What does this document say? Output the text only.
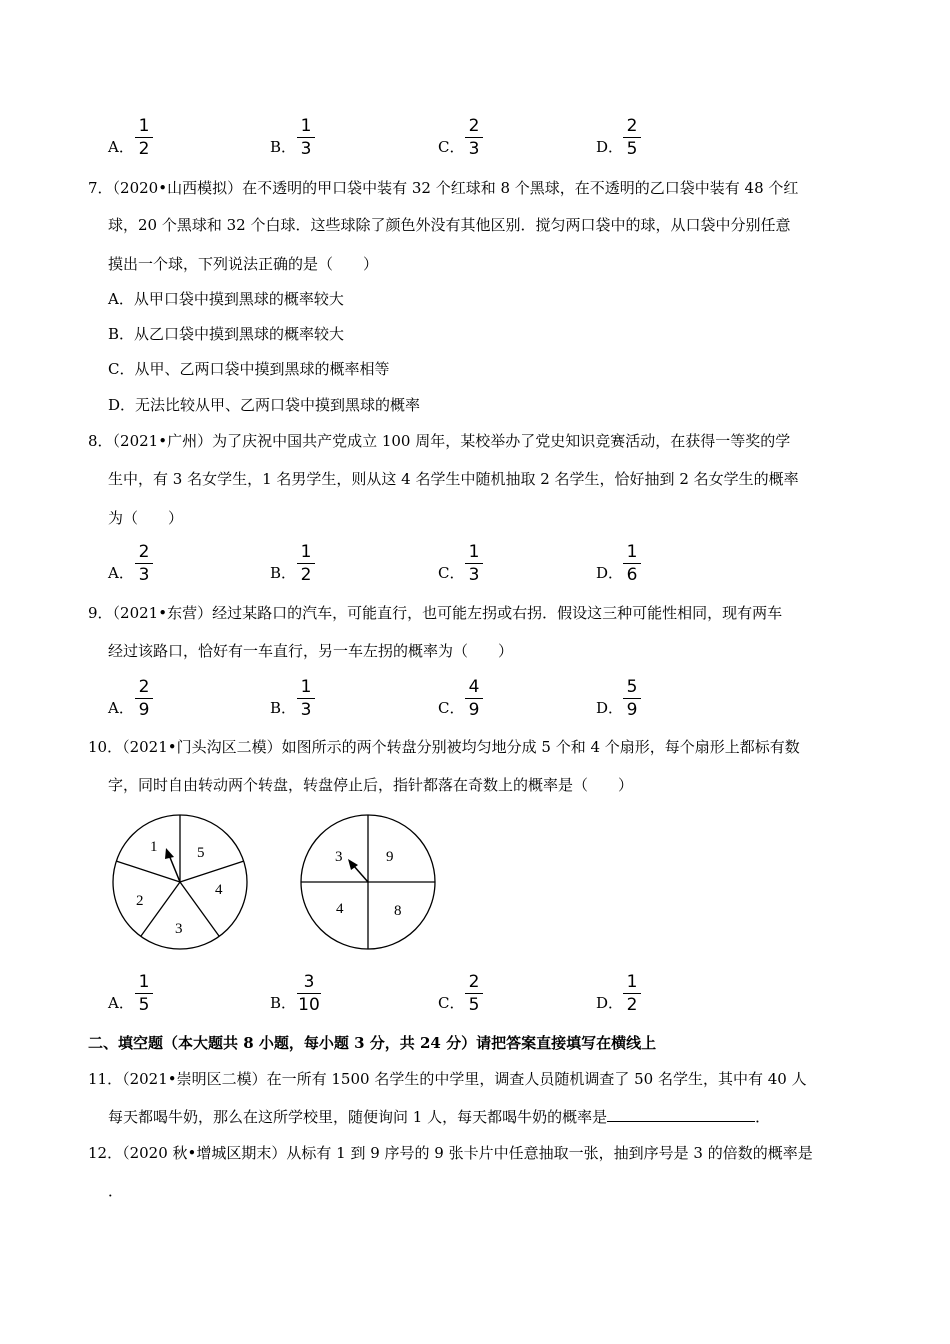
A． $\frac{1}{2}$	B． $\frac{1}{3}$	C． $\frac{2}{3}$	D． $\frac{2}{5}$
7．（2020•山西模拟）在不透明的甲口袋中装有 32 个红球和 8 个黑球，在不透明的乙口袋中装有 48 个红
球，20 个黑球和 32 个白球．这些球除了颜色外没有其他区别．搅匀两口袋中的球，从口袋中分别任意
摸出一个球，下列说法正确的是（　　）
A．从甲口袋中摸到黑球的概率较大
B．从乙口袋中摸到黑球的概率较大
C．从甲、乙两口袋中摸到黑球的概率相等
D．无法比较从甲、乙两口袋中摸到黑球的概率
8．（2021•广州）为了庆祝中国共产党成立 100 周年，某校举办了党史知识竞赛活动，在获得一等奖的学
生中，有 3 名女学生，1 名男学生，则从这 4 名学生中随机抽取 2 名学生，恰好抽到 2 名女学生的概率
为（　　）
A． $\frac{2}{3}$	B． $\frac{1}{2}$	C． $\frac{1}{3}$	D． $\frac{1}{6}$
9．（2021•东营）经过某路口的汽车，可能直行，也可能左拐或右拐．假设这三种可能性相同，现有两车
经过该路口，恰好有一车直行，另一车左拐的概率为（　　）
A． $\frac{2}{9}$	B． $\frac{1}{3}$	C． $\frac{4}{9}$	D． $\frac{5}{9}$
10．（2021•门头沟区二模）如图所示的两个转盘分别被均匀地分成 5 个和 4 个扇形，每个扇形上都标有数
字，同时自由转动两个转盘，转盘停止后，指针都落在奇数上的概率是（　　）
1	5
4
3
2
3	9
8
4
A． $\frac{1}{5}$	B． $\frac{3}{10}$	C． $\frac{2}{5}$	D． $\frac{1}{2}$
二、填空题（本大题共 8 小题，每小题 3 分，共 24 分）请把答案直接填写在横线上
11．（2021•崇明区二模）在一所有 1500 名学生的中学里，调查人员随机调查了 50 名学生，其中有 40 人
每天都喝牛奶，那么在这所学校里，随便询问 1 人，每天都喝牛奶的概率是	．
12．（2020 秋•增城区期末）从标有 1 到 9 序号的 9 张卡片中任意抽取一张，抽到序号是 3 的倍数的概率是
．
